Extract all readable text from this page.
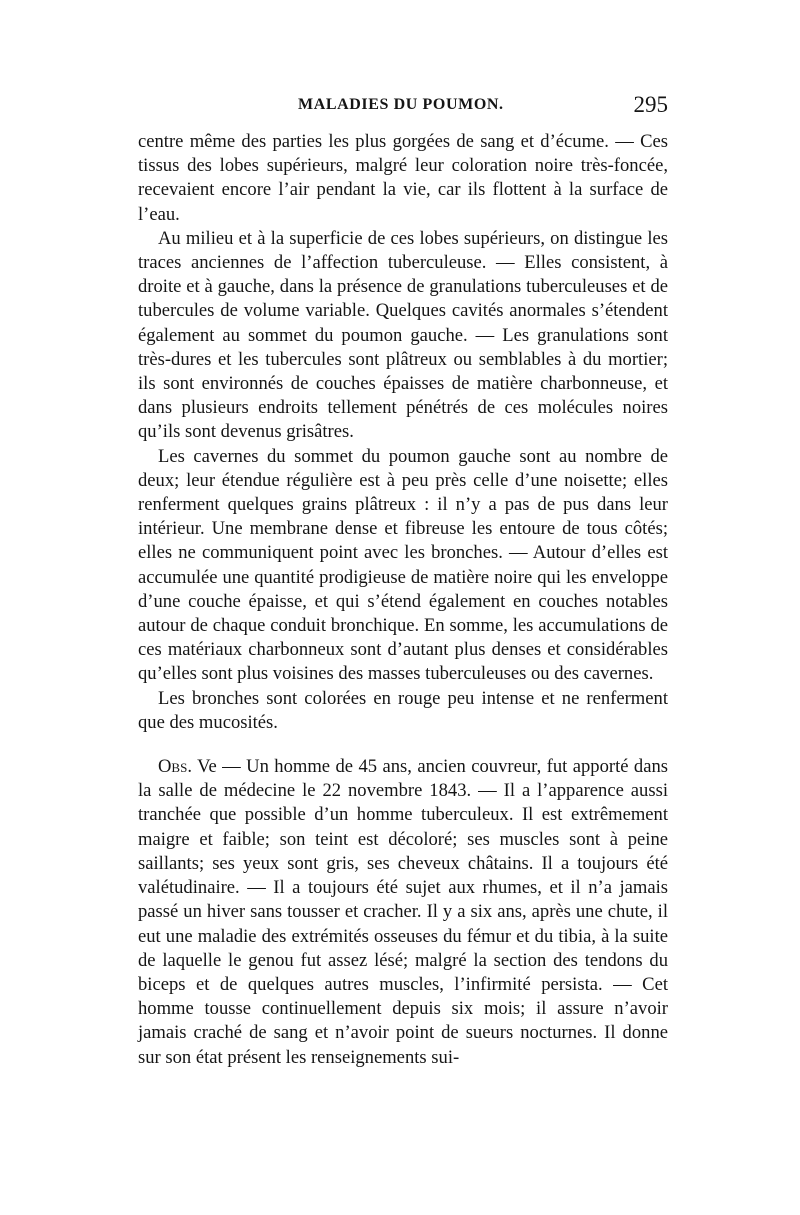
MALADIES DU POUMON.	295

centre même des parties les plus gorgées de sang et d’écume. — Ces tissus des lobes supérieurs, malgré leur coloration noire très-foncée, recevaient encore l’air pendant la vie, car ils flottent à la surface de l’eau.

Au milieu et à la superficie de ces lobes supérieurs, on distingue les traces anciennes de l’affection tuberculeuse. — Elles consistent, à droite et à gauche, dans la présence de granulations tuberculeuses et de tubercules de volume variable. Quelques cavités anormales s’étendent également au sommet du poumon gauche. — Les granulations sont très-dures et les tubercules sont plâtreux ou semblables à du mortier; ils sont environnés de couches épaisses de matière charbonneuse, et dans plusieurs endroits tellement pénétrés de ces molécules noires qu’ils sont devenus grisâtres.

Les cavernes du sommet du poumon gauche sont au nombre de deux; leur étendue régulière est à peu près celle d’une noisette; elles renferment quelques grains plâtreux : il n’y a pas de pus dans leur intérieur. Une membrane dense et fibreuse les entoure de tous côtés; elles ne communiquent point avec les bronches. — Autour d’elles est accumulée une quantité prodigieuse de matière noire qui les enveloppe d’une couche épaisse, et qui s’étend également en couches notables autour de chaque conduit bronchique. En somme, les accumulations de ces matériaux charbonneux sont d’autant plus denses et considérables qu’elles sont plus voisines des masses tuberculeuses ou des cavernes.

Les bronches sont colorées en rouge peu intense et ne renferment que des mucosités.

Obs. Ve — Un homme de 45 ans, ancien couvreur, fut apporté dans la salle de médecine le 22 novembre 1843. — Il a l’apparence aussi tranchée que possible d’un homme tuberculeux. Il est extrêmement maigre et faible; son teint est décoloré; ses muscles sont à peine saillants; ses yeux sont gris, ses cheveux châtains. Il a toujours été valétudinaire. — Il a toujours été sujet aux rhumes, et il n’a jamais passé un hiver sans tousser et cracher. Il y a six ans, après une chute, il eut une maladie des extrémités osseuses du fémur et du tibia, à la suite de laquelle le genou fut assez lésé; malgré la section des tendons du biceps et de quelques autres muscles, l’infirmité persista. — Cet homme tousse continuellement depuis six mois; il assure n’avoir jamais craché de sang et n’avoir point de sueurs nocturnes. Il donne sur son état présent les renseignements sui-
